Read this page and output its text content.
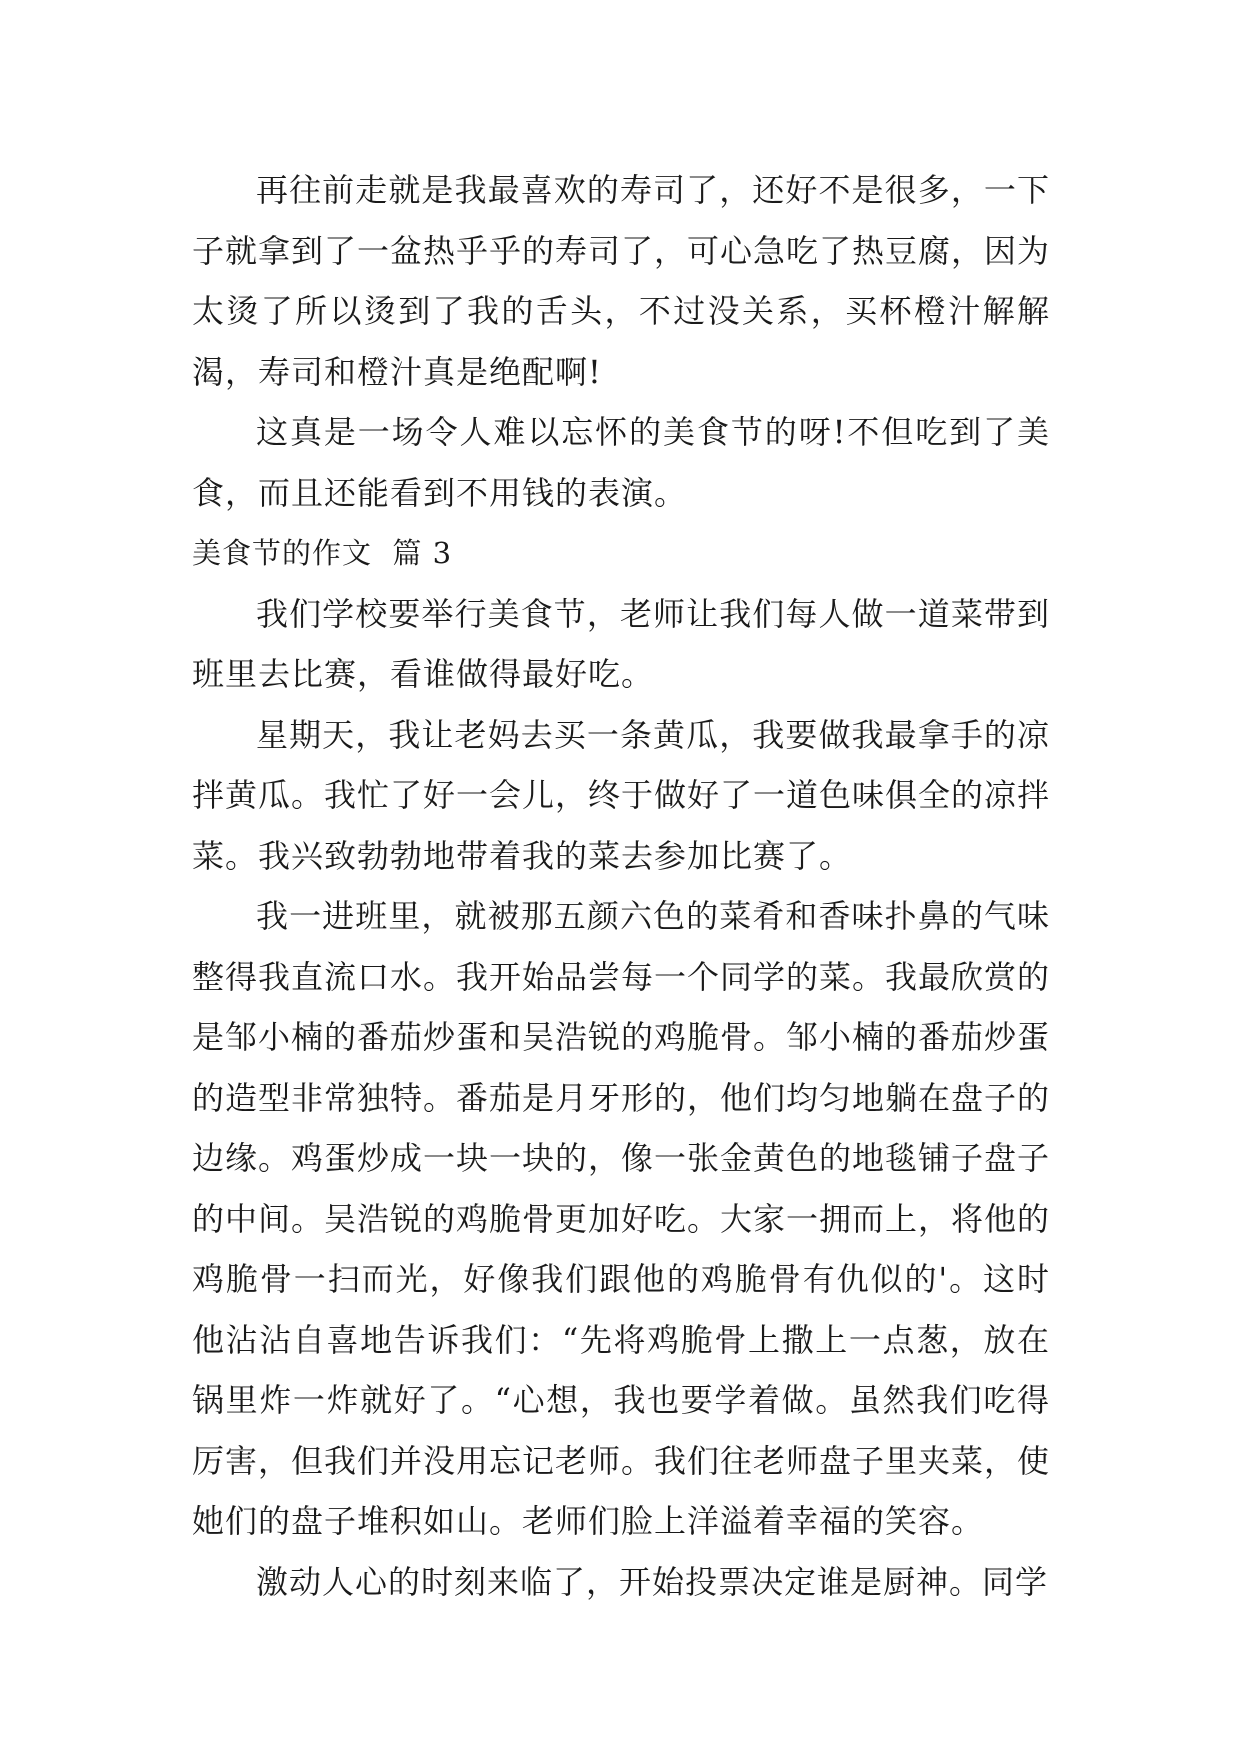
再往前走就是我最喜欢的寿司了，还好不是很多，一下子就拿到了一盆热乎乎的寿司了，可心急吃了热豆腐，因为太烫了所以烫到了我的舌头，不过没关系，买杯橙汁解解渴，寿司和橙汁真是绝配啊!

这真是一场令人难以忘怀的美食节的呀!不但吃到了美食，而且还能看到不用钱的表演。

美食节的作文  篇 3

我们学校要举行美食节，老师让我们每人做一道菜带到班里去比赛，看谁做得最好吃。

星期天，我让老妈去买一条黄瓜，我要做我最拿手的凉拌黄瓜。我忙了好一会儿，终于做好了一道色味俱全的凉拌菜。我兴致勃勃地带着我的菜去参加比赛了。

我一进班里，就被那五颜六色的菜肴和香味扑鼻的气味整得我直流口水。我开始品尝每一个同学的菜。我最欣赏的是邹小楠的番茄炒蛋和吴浩锐的鸡脆骨。邹小楠的番茄炒蛋的造型非常独特。番茄是月牙形的，他们均匀地躺在盘子的边缘。鸡蛋炒成一块一块的，像一张金黄色的地毯铺子盘子的中间。吴浩锐的鸡脆骨更加好吃。大家一拥而上，将他的鸡脆骨一扫而光，好像我们跟他的鸡脆骨有仇似的'。这时他沾沾自喜地告诉我们：“先将鸡脆骨上撒上一点葱，放在锅里炸一炸就好了。“心想，我也要学着做。虽然我们吃得厉害，但我们并没用忘记老师。我们往老师盘子里夹菜，使她们的盘子堆积如山。老师们脸上洋溢着幸福的笑容。

激动人心的时刻来临了，开始投票决定谁是厨神。同学
